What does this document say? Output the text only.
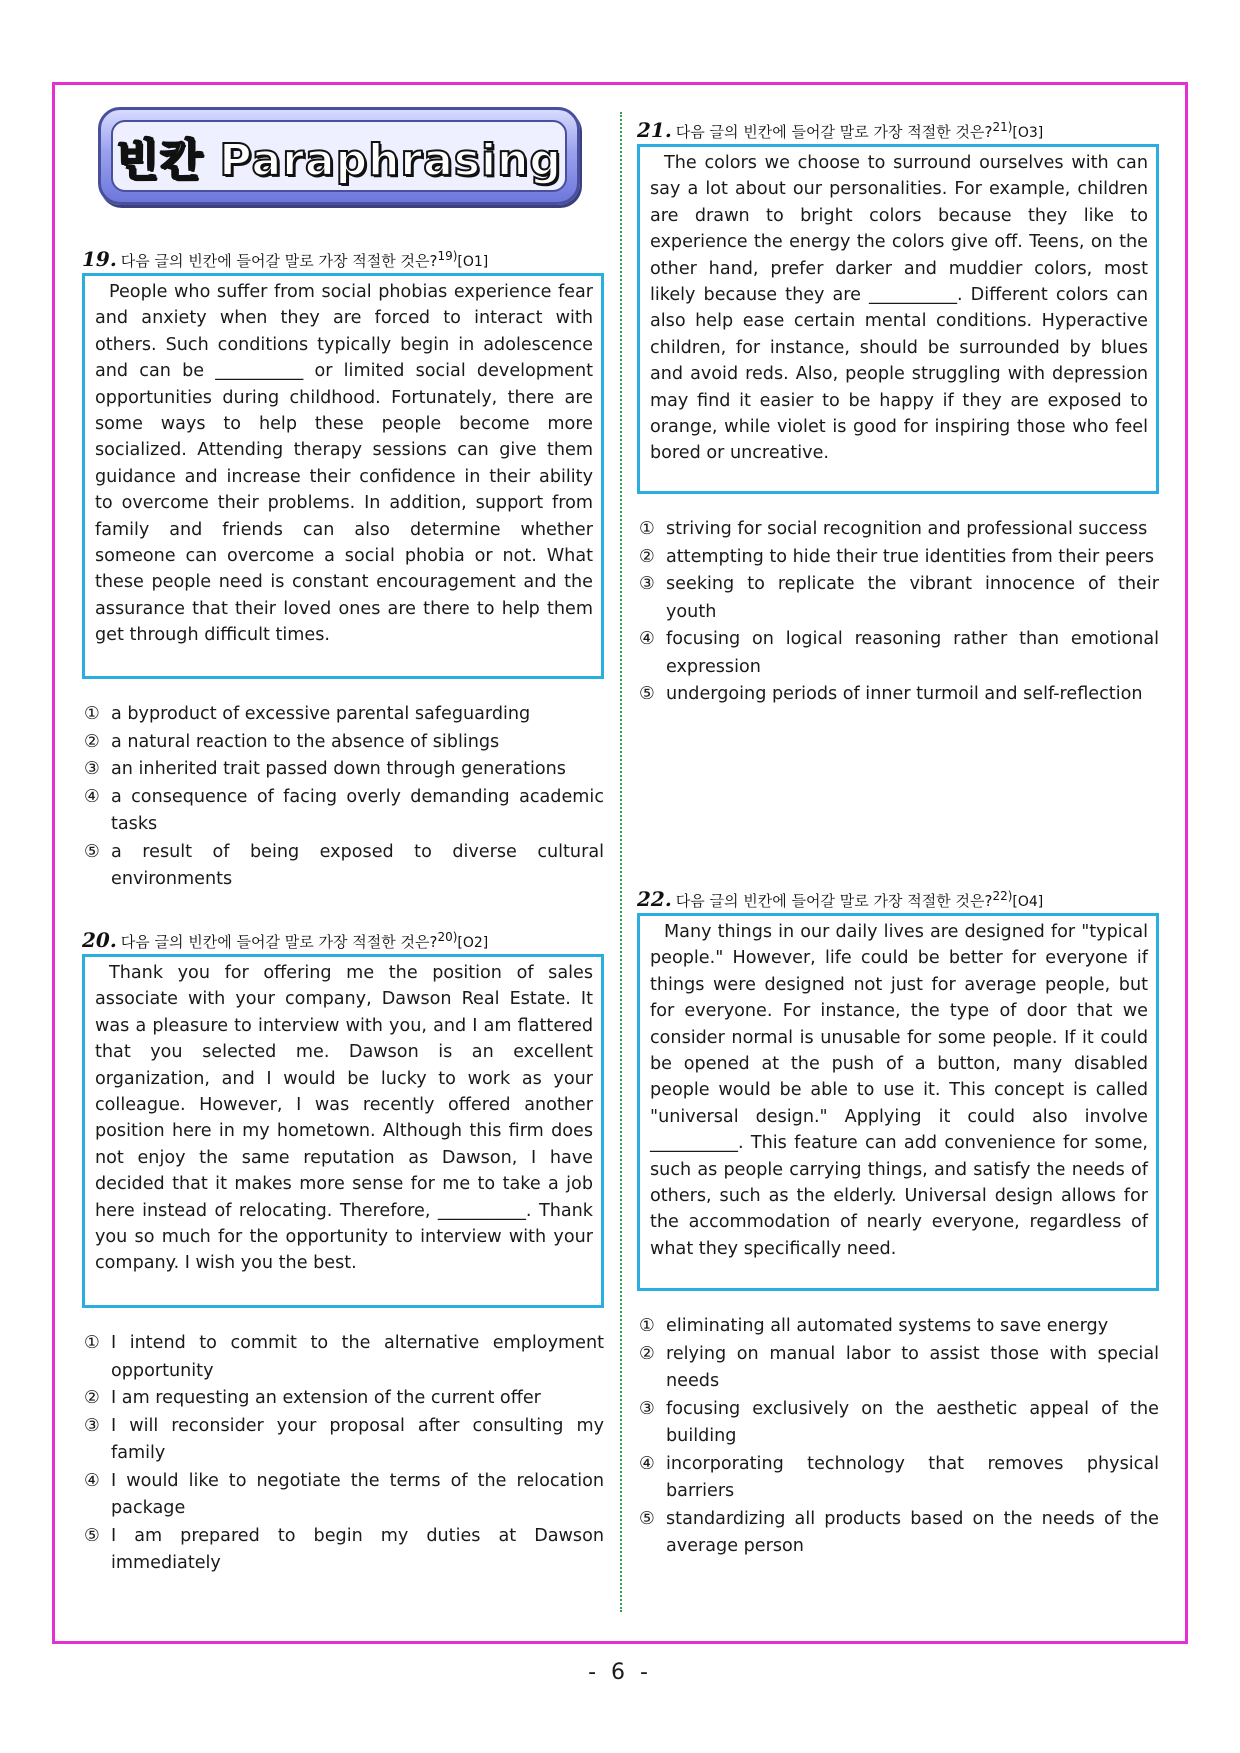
빈칸 Paraphrasing
19. 다음 글의 빈칸에 들어갈 말로 가장 적절한 것은?$^{19)}$[O1]
People who suffer from social phobias experience fear and anxiety when they are forced to interact with others. Such conditions typically begin in adolescence and can be __________ or limited social development opportunities during childhood. Fortunately, there are some ways to help these people become more socialized. Attending therapy sessions can give them guidance and increase their confidence in their ability to overcome their problems. In addition, support from family and friends can also determine whether someone can overcome a social phobia or not. What these people need is constant encouragement and the assurance that their loved ones are there to help them get through difficult times.
① a byproduct of excessive parental safeguarding
② a natural reaction to the absence of siblings
③ an inherited trait passed down through generations
④ a consequence of facing overly demanding academic tasks
⑤ a result of being exposed to diverse cultural environments
20. 다음 글의 빈칸에 들어갈 말로 가장 적절한 것은?$^{20)}$[O2]
Thank you for offering me the position of sales associate with your company, Dawson Real Estate. It was a pleasure to interview with you, and I am flattered that you selected me. Dawson is an excellent organization, and I would be lucky to work as your colleague. However, I was recently offered another position here in my hometown. Although this firm does not enjoy the same reputation as Dawson, I have decided that it makes more sense for me to take a job here instead of relocating. Therefore, __________. Thank you so much for the opportunity to interview with your company. I wish you the best.
① I intend to commit to the alternative employment opportunity
② I am requesting an extension of the current offer
③ I will reconsider your proposal after consulting my family
④ I would like to negotiate the terms of the relocation package
⑤ I am prepared to begin my duties at Dawson immediately
21. 다음 글의 빈칸에 들어갈 말로 가장 적절한 것은?$^{21)}$[O3]
The colors we choose to surround ourselves with can say a lot about our personalities. For example, children are drawn to bright colors because they like to experience the energy the colors give off. Teens, on the other hand, prefer darker and muddier colors, most likely because they are __________. Different colors can also help ease certain mental conditions. Hyperactive children, for instance, should be surrounded by blues and avoid reds. Also, people struggling with depression may find it easier to be happy if they are exposed to orange, while violet is good for inspiring those who feel bored or uncreative.
① striving for social recognition and professional success
② attempting to hide their true identities from their peers
③ seeking to replicate the vibrant innocence of their youth
④ focusing on logical reasoning rather than emotional expression
⑤ undergoing periods of inner turmoil and self-reflection
22. 다음 글의 빈칸에 들어갈 말로 가장 적절한 것은?$^{22)}$[O4]
Many things in our daily lives are designed for "typical people." However, life could be better for everyone if things were designed not just for average people, but for everyone. For instance, the type of door that we consider normal is unusable for some people. If it could be opened at the push of a button, many disabled people would be able to use it. This concept is called "universal design." Applying it could also involve __________. This feature can add convenience for some, such as people carrying things, and satisfy the needs of others, such as the elderly. Universal design allows for the accommodation of nearly everyone, regardless of what they specifically need.
① eliminating all automated systems to save energy
② relying on manual labor to assist those with special needs
③ focusing exclusively on the aesthetic appeal of the building
④ incorporating technology that removes physical barriers
⑤ standardizing all products based on the needs of the average person
- 6 -
